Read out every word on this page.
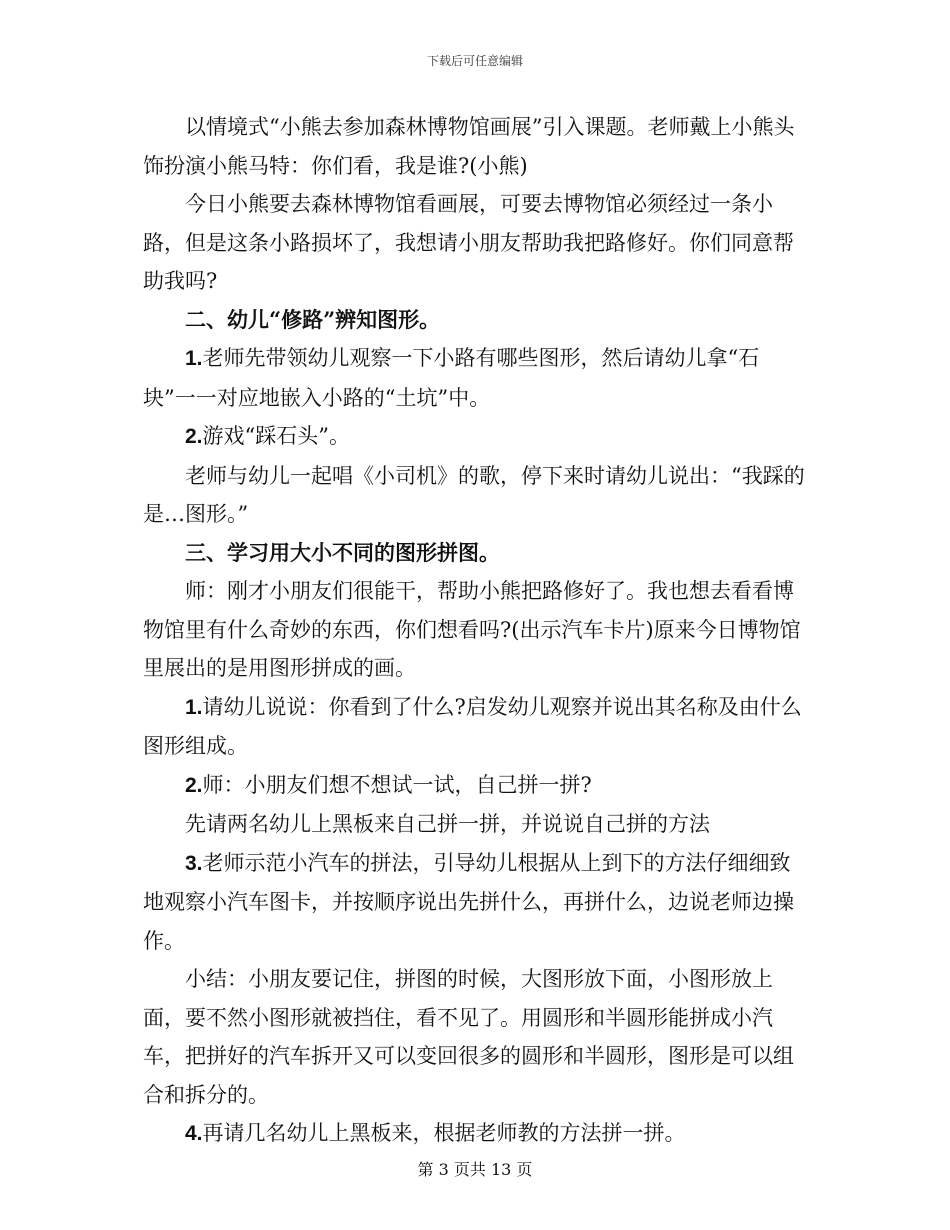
下载后可任意编辑

以情境式“小熊去参加森林博物馆画展”引入课题。老师戴上小熊头饰扮演小熊马特：你们看，我是谁?(小熊)

今日小熊要去森林博物馆看画展，可要去博物馆必须经过一条小路，但是这条小路损坏了，我想请小朋友帮助我把路修好。你们同意帮助我吗?

二、幼儿“修路”辨知图形。

1.老师先带领幼儿观察一下小路有哪些图形，然后请幼儿拿“石块”一一对应地嵌入小路的“土坑”中。

2.游戏“踩石头”。

老师与幼儿一起唱《小司机》的歌，停下来时请幼儿说出：“我踩的是…图形。”

三、学习用大小不同的图形拼图。

师：刚才小朋友们很能干，帮助小熊把路修好了。我也想去看看博物馆里有什么奇妙的东西，你们想看吗?(出示汽车卡片)原来今日博物馆里展出的是用图形拼成的画。

1.请幼儿说说：你看到了什么?启发幼儿观察并说出其名称及由什么图形组成。

2.师：小朋友们想不想试一试，自己拼一拼?

先请两名幼儿上黑板来自己拼一拼，并说说自己拼的方法

3.老师示范小汽车的拼法，引导幼儿根据从上到下的方法仔细细致地观察小汽车图卡，并按顺序说出先拼什么，再拼什么，边说老师边操作。

小结：小朋友要记住，拼图的时候，大图形放下面，小图形放上面，要不然小图形就被挡住，看不见了。用圆形和半圆形能拼成小汽车，把拼好的汽车拆开又可以变回很多的圆形和半圆形，图形是可以组合和拆分的。

4.再请几名幼儿上黑板来，根据老师教的方法拼一拼。

第 3 页共 13 页
